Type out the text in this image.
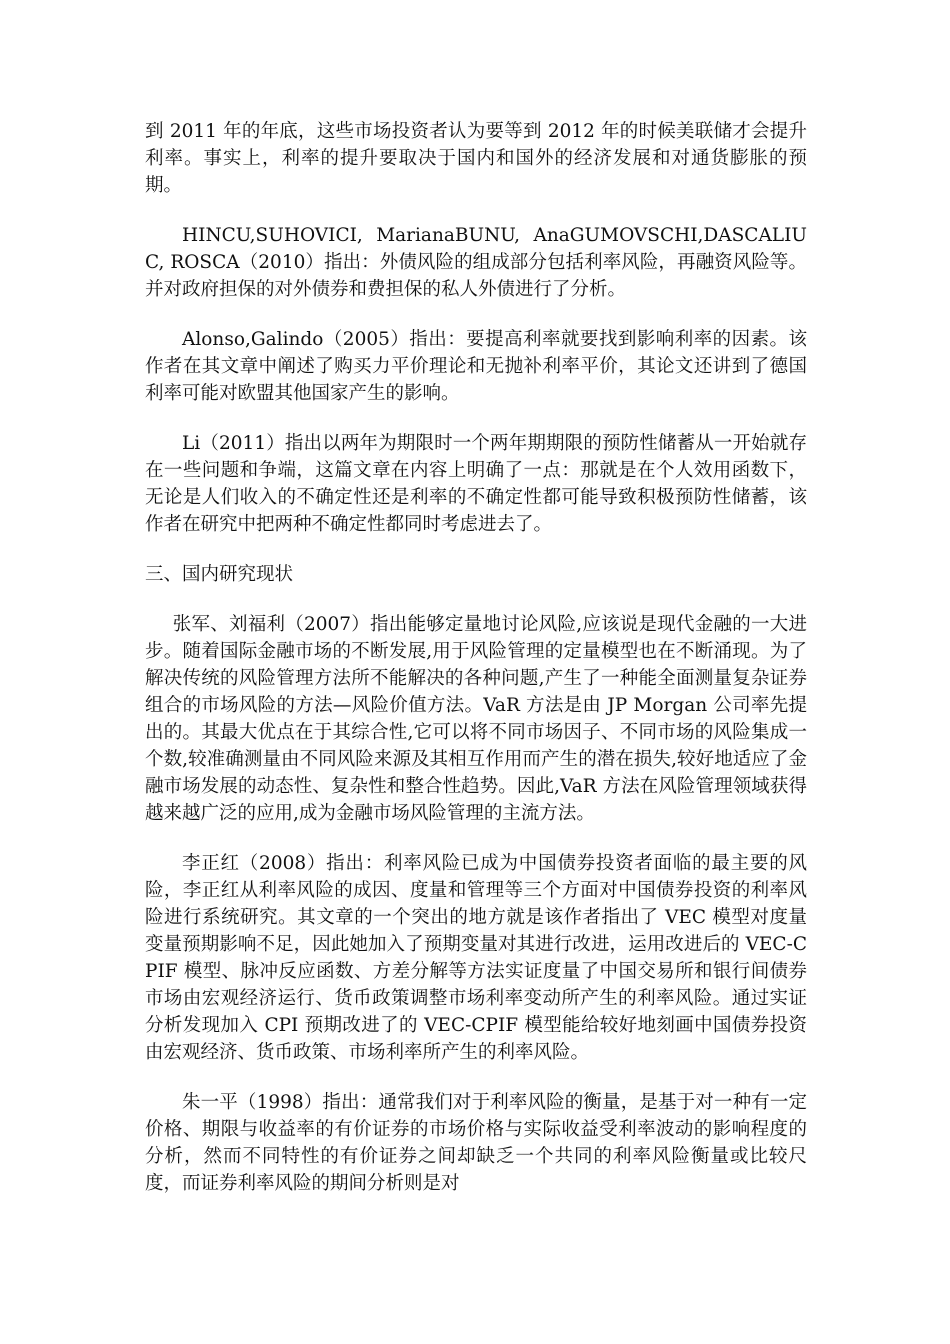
到 2011 年的年底，这些市场投资者认为要等到 2012 年的时候美联储才会提升利率。事实上，利率的提升要取决于国内和国外的经济发展和对通货膨胀的预期。

HINCU,SUHOVICI, MarianaBUNU, AnaGUMOVSCHI,DASCALIUC, ROSCA（2010）指出：外债风险的组成部分包括利率风险，再融资风险等。并对政府担保的对外债券和费担保的私人外债进行了分析。

Alonso,Galindo（2005）指出：要提高利率就要找到影响利率的因素。该作者在其文章中阐述了购买力平价理论和无抛补利率平价，其论文还讲到了德国利率可能对欧盟其他国家产生的影响。

Li（2011）指出以两年为期限时一个两年期期限的预防性储蓄从一开始就存在一些问题和争端，这篇文章在内容上明确了一点：那就是在个人效用函数下，无论是人们收入的不确定性还是利率的不确定性都可能导致积极预防性储蓄，该作者在研究中把两种不确定性都同时考虑进去了。

三、国内研究现状

张军、刘福利（2007）指出能够定量地讨论风险,应该说是现代金融的一大进步。随着国际金融市场的不断发展,用于风险管理的定量模型也在不断涌现。为了解决传统的风险管理方法所不能解决的各种问题,产生了一种能全面测量复杂证券组合的市场风险的方法—风险价值方法。VaR 方法是由 JP Morgan 公司率先提出的。其最大优点在于其综合性,它可以将不同市场因子、不同市场的风险集成一个数,较准确测量由不同风险来源及其相互作用而产生的潜在损失,较好地适应了金融市场发展的动态性、复杂性和整合性趋势。因此,VaR 方法在风险管理领域获得越来越广泛的应用,成为金融市场风险管理的主流方法。

李正红（2008）指出：利率风险已成为中国债券投资者面临的最主要的风险，李正红从利率风险的成因、度量和管理等三个方面对中国债券投资的利率风险进行系统研究。其文章的一个突出的地方就是该作者指出了 VEC 模型对度量变量预期影响不足，因此她加入了预期变量对其进行改进，运用改进后的 VEC-CPIF 模型、脉冲反应函数、方差分解等方法实证度量了中国交易所和银行间债券市场由宏观经济运行、货币政策调整市场利率变动所产生的利率风险。通过实证分析发现加入 CPI 预期改进了的 VEC-CPIF 模型能给较好地刻画中国债券投资由宏观经济、货币政策、市场利率所产生的利率风险。

朱一平（1998）指出：通常我们对于利率风险的衡量，是基于对一种有一定价格、期限与收益率的有价证券的市场价格与实际收益受利率波动的影响程度的分析，然而不同特性的有价证券之间却缺乏一个共同的利率风险衡量或比较尺度，而证券利率风险的期间分析则是对
